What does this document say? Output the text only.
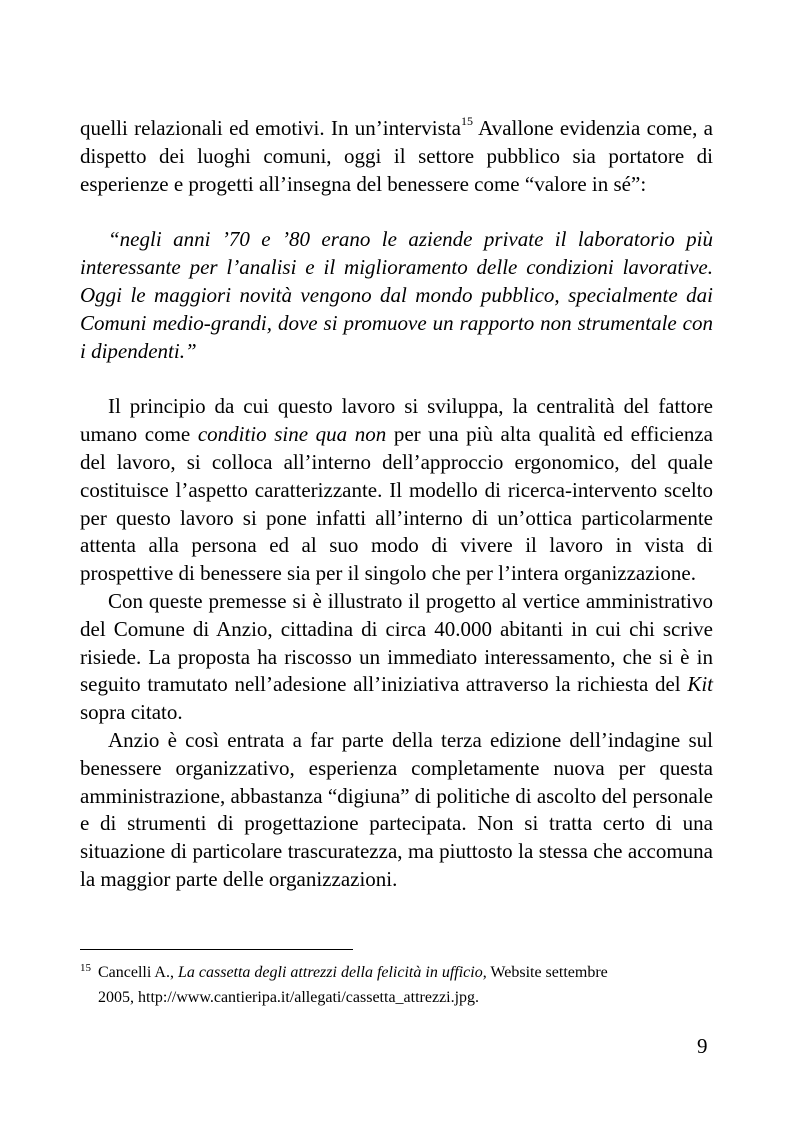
quelli relazionali ed emotivi. In un’intervista$^{15}$ Avallone evidenzia come, a dispetto dei luoghi comuni, oggi il settore pubblico sia portatore di esperienze e progetti all’insegna del benessere come “valore in sé”:

“negli anni ’70 e ’80 erano le aziende private il laboratorio più interessante per l’analisi e il miglioramento delle condizioni lavorative. Oggi le maggiori novità vengono dal mondo pubblico, specialmente dai Comuni medio-grandi, dove si promuove un rapporto non strumentale con i dipendenti.”

Il principio da cui questo lavoro si sviluppa, la centralità del fattore umano come conditio sine qua non per una più alta qualità ed efficienza del lavoro, si colloca all’interno dell’approccio ergonomico, del quale costituisce l’aspetto caratterizzante. Il modello di ricerca-intervento scelto per questo lavoro si pone infatti all’interno di un’ottica particolarmente attenta alla persona ed al suo modo di vivere il lavoro in vista di prospettive di benessere sia per il singolo che per l’intera organizzazione.

Con queste premesse si è illustrato il progetto al vertice amministrativo del Comune di Anzio, cittadina di circa 40.000 abitanti in cui chi scrive risiede. La proposta ha riscosso un immediato interessamento, che si è in seguito tramutato nell’adesione all’iniziativa attraverso la richiesta del Kit sopra citato.

Anzio è così entrata a far parte della terza edizione dell’indagine sul benessere organizzativo, esperienza completamente nuova per questa amministrazione, abbastanza “digiuna” di politiche di ascolto del personale e di strumenti di progettazione partecipata. Non si tratta certo di una situazione di particolare trascuratezza, ma piuttosto la stessa che accomuna la maggior parte delle organizzazioni.

$^{15}$ Cancelli A., La cassetta degli attrezzi della felicità in ufficio, Website settembre
2005, http://www.cantieripa.it/allegati/cassetta_attrezzi.jpg.
9
